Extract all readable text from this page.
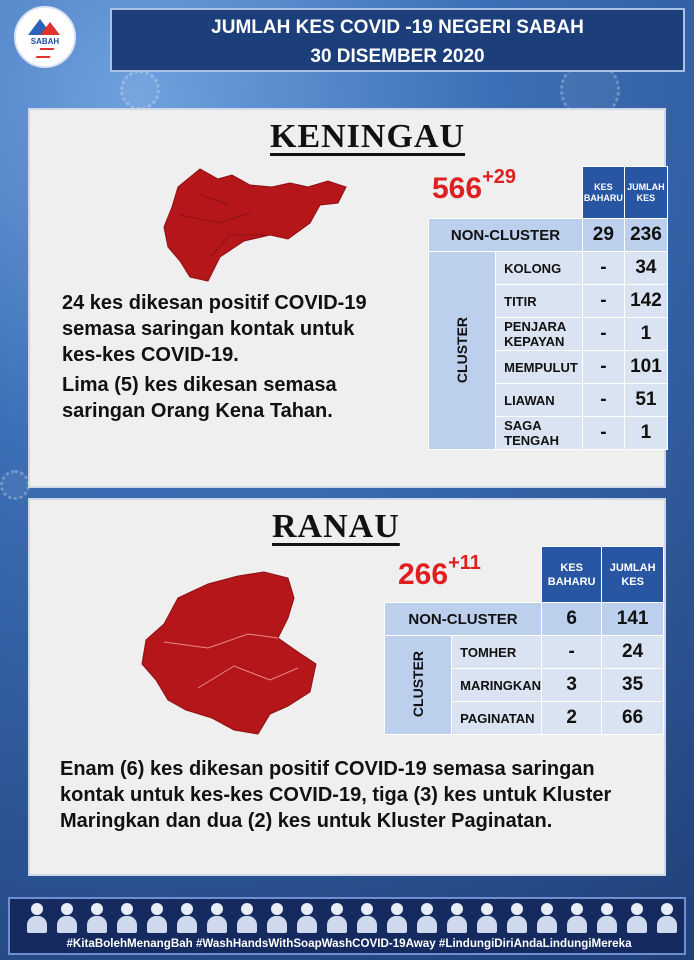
SABAH
JUMLAH KES COVID -19 NEGERI SABAH
30 DISEMBER 2020
KENINGAU
$566^{+29}$
		KES BAHARU	JUMLAH KES
NON-CLUSTER		29	236
CLUSTER	KOLONG	-	34
	TITIR	-	142
	PENJARA KEPAYAN	-	1
	MEMPULUT	-	101
	LIAWAN	-	51
	SAGA TENGAH	-	1
24 kes dikesan positif COVID-19 semasa saringan kontak untuk kes-kes COVID-19.
Lima (5) kes dikesan semasa saringan Orang Kena Tahan.
RANAU
$266^{+11}$
		KES BAHARU	JUMLAH KES
NON-CLUSTER		6	141
CLUSTER	TOMHER	-	24
	MARINGKAN	3	35
	PAGINATAN	2	66
Enam (6) kes dikesan positif COVID-19 semasa saringan kontak untuk kes-kes COVID-19, tiga (3) kes untuk Kluster Maringkan dan dua (2) kes untuk Kluster Paginatan.
#KitaBolehMenangBah #WashHandsWithSoapWashCOVID-19Away #LindungiDiriAndaLindungiMereka
